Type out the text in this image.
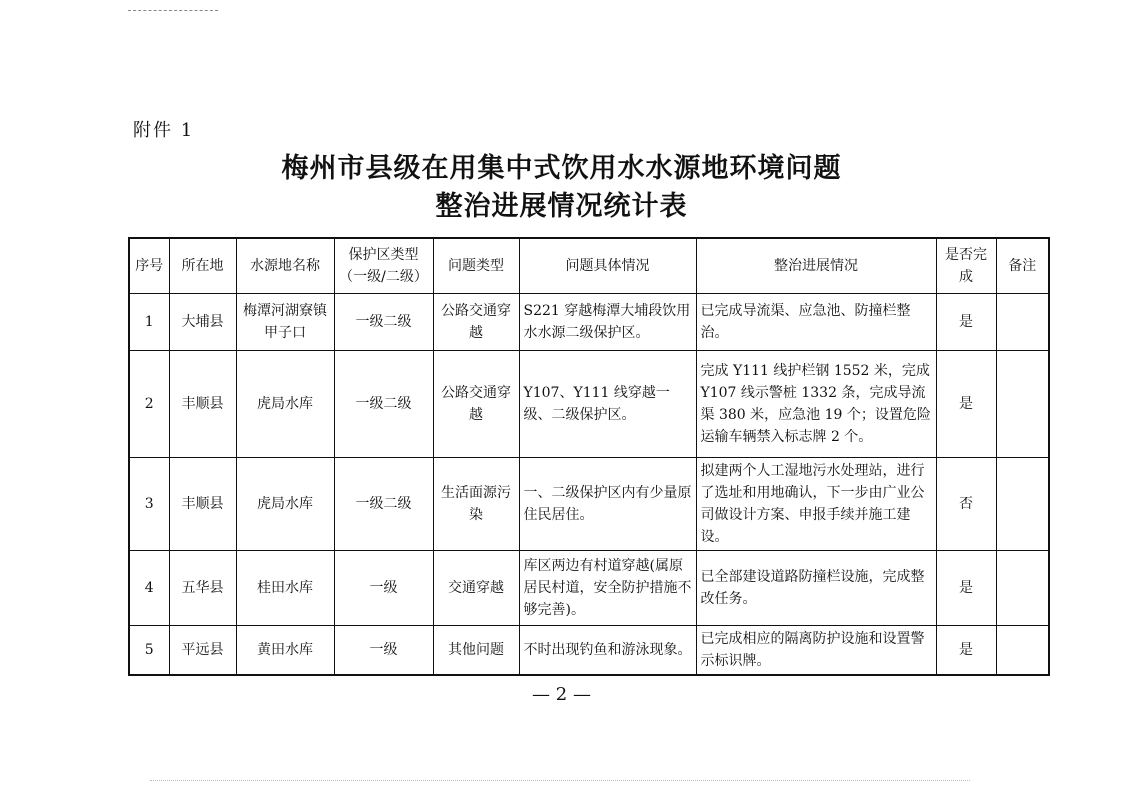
附件 1
梅州市县级在用集中式饮用水水源地环境问题
整治进展情况统计表
序号	所在地	水源地名称	保护区类型（一级/二级）	问题类型	问题具体情况	整治进展情况	是否完成	备注
1	大埔县	梅潭河湖寮镇甲子口	一级二级	公路交通穿越	S221 穿越梅潭大埔段饮用水水源二级保护区。	已完成导流渠、应急池、防撞栏整治。	是	
2	丰顺县	虎局水库	一级二级	公路交通穿越	Y107、Y111 线穿越一级、二级保护区。	完成 Y111 线护栏钢 1552 米，完成 Y107 线示警桩 1332 条，完成导流渠 380 米，应急池 19 个；设置危险运输车辆禁入标志牌 2 个。	是	
3	丰顺县	虎局水库	一级二级	生活面源污染	一、二级保护区内有少量原住民居住。	拟建两个人工湿地污水处理站，进行了选址和用地确认，下一步由广业公司做设计方案、申报手续并施工建设。	否	
4	五华县	桂田水库	一级	交通穿越	库区两边有村道穿越(属原居民村道，安全防护措施不够完善)。	已全部建设道路防撞栏设施，完成整改任务。	是	
5	平远县	黄田水库	一级	其他问题	不时出现钓鱼和游泳现象。	已完成相应的隔离防护设施和设置警示标识牌。	是	
— 2 —
